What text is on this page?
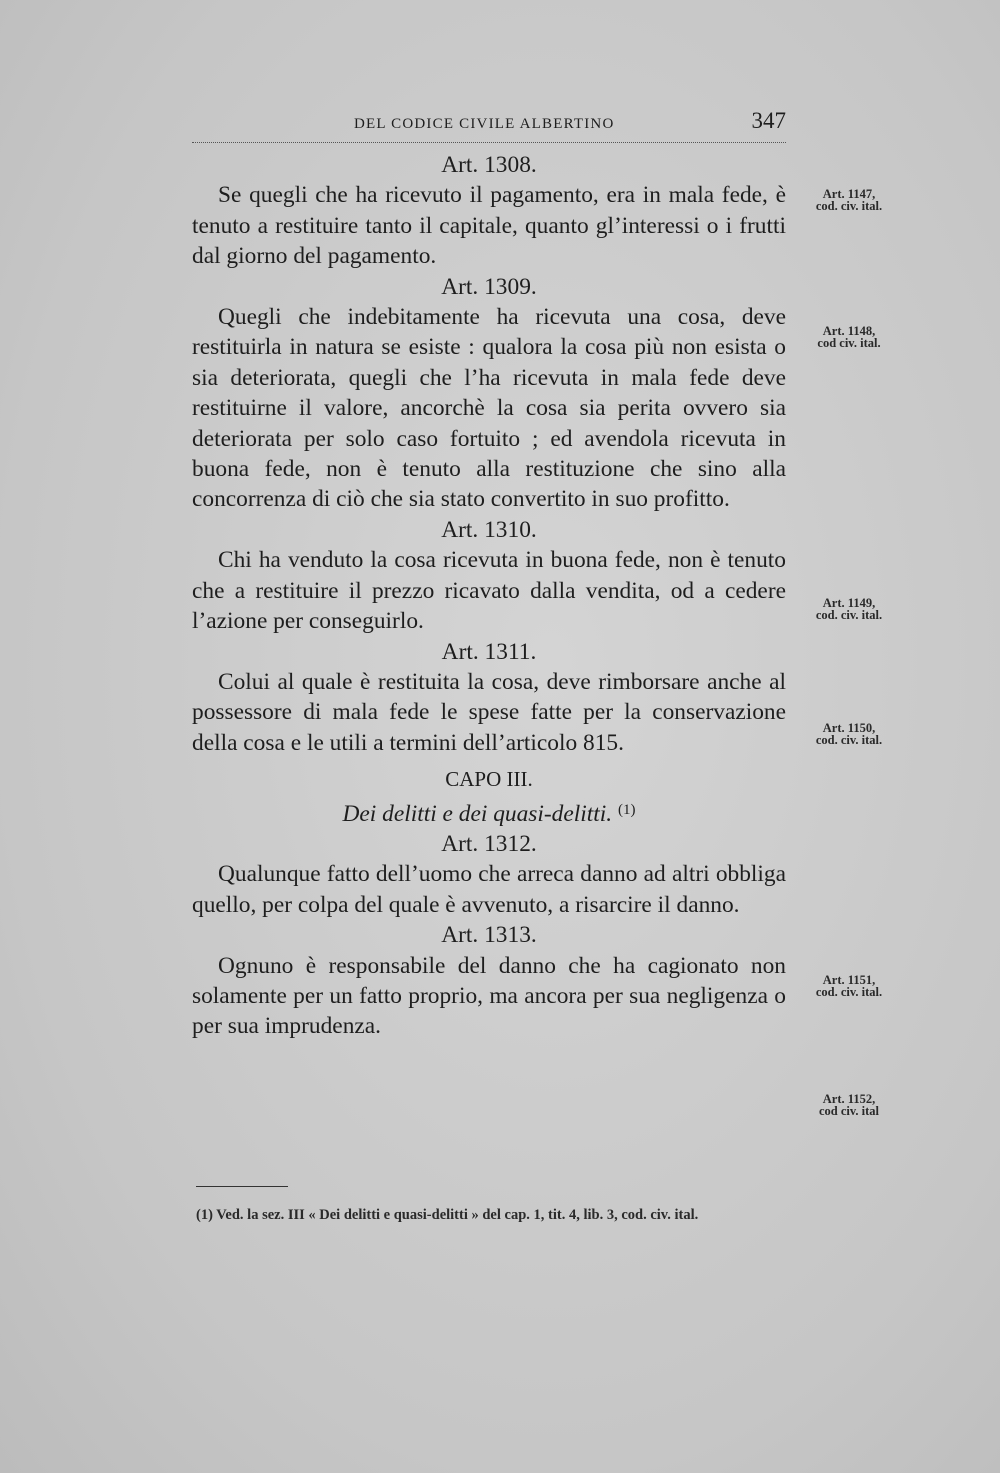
DEL CODICE CIVILE ALBERTINO	347
Art. 1308.

Se quegli che ha ricevuto il pagamento, era in mala fede, è tenuto a restituire tanto il capitale, quanto gl’interessi o i frutti dal giorno del pagamento.

Art. 1309.

Quegli che indebitamente ha ricevuta una cosa, deve restituirla in natura se esiste : qualora la cosa più non esista o sia deteriorata, quegli che l’ha ricevuta in mala fede deve restituirne il valore, ancorchè la cosa sia perita ovvero sia deteriorata per solo caso fortuito ; ed avendola ricevuta in buona fede, non è tenuto alla restituzione che sino alla concorrenza di ciò che sia stato convertito in suo profitto.

Art. 1310.

Chi ha venduto la cosa ricevuta in buona fede, non è tenuto che a restituire il prezzo ricavato dalla vendita, od a cedere l’azione per conseguirlo.

Art. 1311.

Colui al quale è restituita la cosa, deve rimborsare anche al possessore di mala fede le spese fatte per la conservazione della cosa e le utili a termini dell’articolo 815.

CAPO III.
Dei delitti e dei quasi-delitti. $^{(1)}$
Art. 1312.

Qualunque fatto dell’uomo che arreca danno ad altri obbliga quello, per colpa del quale è avvenuto, a risarcire il danno.

Art. 1313.

Ognuno è responsabile del danno che ha cagionato non solamente per un fatto proprio, ma ancora per sua negligenza o per sua imprudenza.

Art. 1147,
cod. civ. ital.
Art. 1148,
cod civ. ital.
Art. 1149,
cod. civ. ital.
Art. 1150,
cod. civ. ital.
Art. 1151,
cod. civ. ital.
Art. 1152,
cod civ. ital
(1) Ved. la sez. III « Dei delitti e quasi-delitti » del cap. 1, tit. 4, lib. 3, cod. civ. ital.
